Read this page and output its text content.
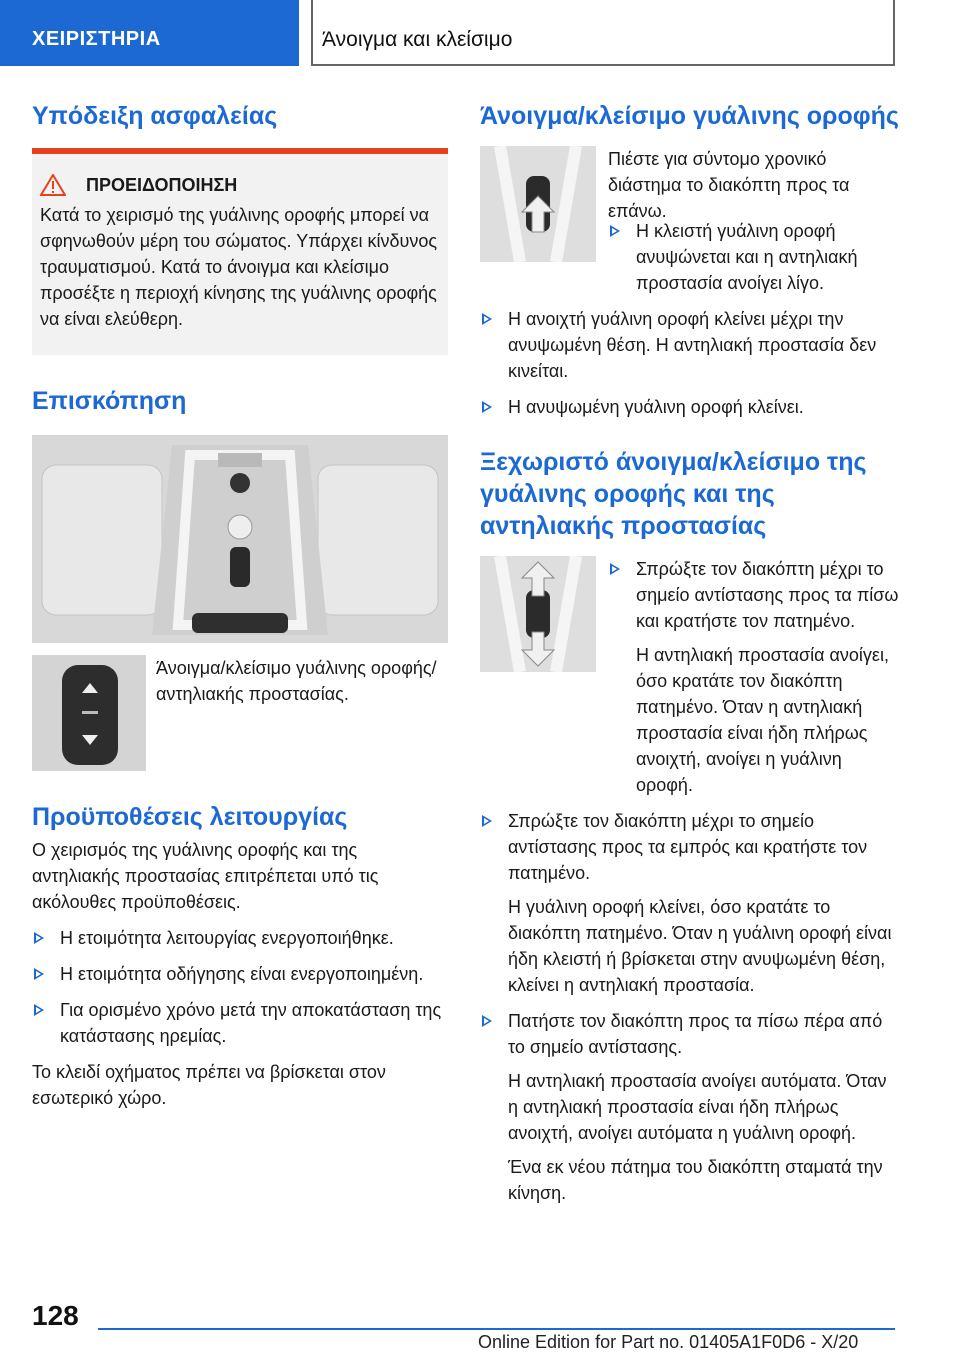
ΧΕΙΡΙΣΤΗΡΙΑ	Άνοιγμα και κλείσιμο
Υπόδειξη ασφαλείας
ΠΡΟΕΙΔΟΠΟΙΗΣΗ

Κατά το χειρισμό της γυάλινης οροφής μπορεί να σφηνωθούν μέρη του σώματος. Υπάρχει κίνδυνος τραυματισμού. Κατά το άνοιγμα και κλείσιμο προσέξτε η περιοχή κίνησης της γυάλινης οροφής να είναι ελεύθερη.

Επισκόπηση

Άνοιγμα/κλείσιμο γυάλινης οροφής/αντηλιακής προστασίας.

Προϋποθέσεις λειτουργίας

Ο χειρισμός της γυάλινης οροφής και της αντηλιακής προστασίας επιτρέπεται υπό τις ακόλουθες προϋποθέσεις.

Η ετοιμότητα λειτουργίας ενεργοποιήθηκε.
Η ετοιμότητα οδήγησης είναι ενεργοποιημένη.
Για ορισμένο χρόνο μετά την αποκατάσταση της κατάστασης ηρεμίας.

Το κλειδί οχήματος πρέπει να βρίσκεται στον εσωτερικό χώρο.

Άνοιγμα/κλείσιμο γυάλινης οροφής

Πιέστε για σύντομο χρονικό διάστημα το διακόπτη προς τα επάνω.

Η κλειστή γυάλινη οροφή ανυψώνεται και η αντηλιακή προστασία ανοίγει λίγο.
Η ανοιχτή γυάλινη οροφή κλείνει μέχρι την ανυψωμένη θέση. Η αντηλιακή προστασία δεν κινείται.
Η ανυψωμένη γυάλινη οροφή κλείνει.
Ξεχωριστό άνοιγμα/κλείσιμο της γυάλινης οροφής και της αντηλιακής προστασίας
Σπρώξτε τον διακόπτη μέχρι το σημείο αντίστασης προς τα πίσω και κρατήστε τον πατημένο.

Η αντηλιακή προστασία ανοίγει, όσο κρατάτε τον διακόπτη πατημένο. Όταν η αντηλιακή προστασία είναι ήδη πλήρως ανοιχτή, ανοίγει η γυάλινη οροφή.

Σπρώξτε τον διακόπτη μέχρι το σημείο αντίστασης προς τα εμπρός και κρατήστε τον πατημένο.

Η γυάλινη οροφή κλείνει, όσο κρατάτε το διακόπτη πατημένο. Όταν η γυάλινη οροφή είναι ήδη κλειστή ή βρίσκεται στην ανυψωμένη θέση, κλείνει η αντηλιακή προστασία.

Πατήστε τον διακόπτη προς τα πίσω πέρα από το σημείο αντίστασης.

Η αντηλιακή προστασία ανοίγει αυτόματα. Όταν η αντηλιακή προστασία είναι ήδη πλήρως ανοιχτή, ανοίγει αυτόματα η γυάλινη οροφή.

Ένα εκ νέου πάτημα του διακόπτη σταματά την κίνηση.

128
Online Edition for Part no. 01405A1F0D6 - X/20
